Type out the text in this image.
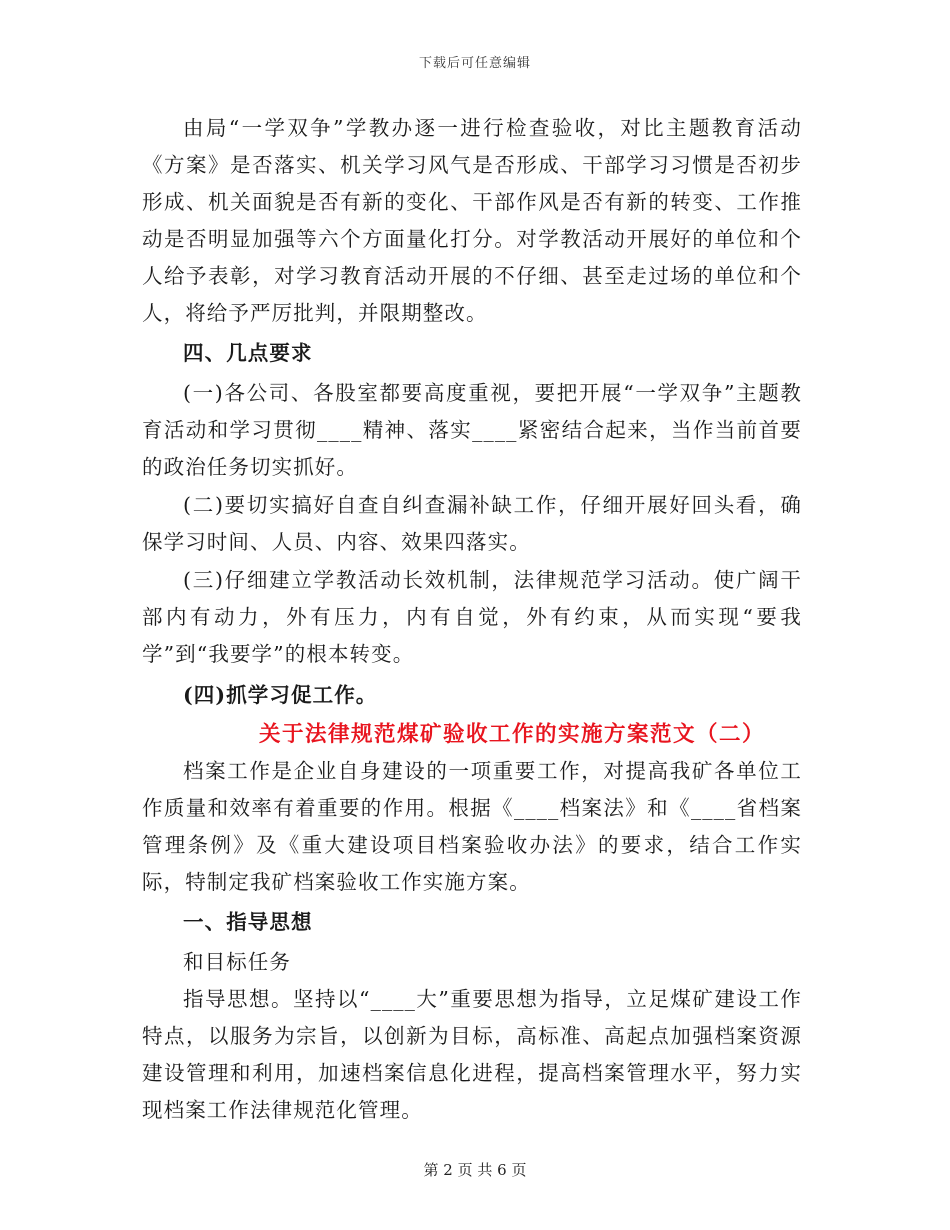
下载后可任意编辑

由局“一学双争”学教办逐一进行检查验收，对比主题教育活动《方案》是否落实、机关学习风气是否形成、干部学习习惯是否初步形成、机关面貌是否有新的变化、干部作风是否有新的转变、工作推动是否明显加强等六个方面量化打分。对学教活动开展好的单位和个人给予表彰，对学习教育活动开展的不仔细、甚至走过场的单位和个人，将给予严厉批判，并限期整改。

四、几点要求

(一)各公司、各股室都要高度重视，要把开展“一学双争”主题教育活动和学习贯彻____精神、落实____紧密结合起来，当作当前首要的政治任务切实抓好。

(二)要切实搞好自查自纠查漏补缺工作，仔细开展好回头看，确保学习时间、人员、内容、效果四落实。

(三)仔细建立学教活动长效机制，法律规范学习活动。使广阔干部内有动力，外有压力，内有自觉，外有约束，从而实现“要我学”到“我要学”的根本转变。

(四)抓学习促工作。

关于法律规范煤矿验收工作的实施方案范文（二）

档案工作是企业自身建设的一项重要工作，对提高我矿各单位工作质量和效率有着重要的作用。根据《____档案法》和《____省档案管理条例》及《重大建设项目档案验收办法》的要求，结合工作实际，特制定我矿档案验收工作实施方案。

一、指导思想

和目标任务

指导思想。坚持以“____大”重要思想为指导，立足煤矿建设工作特点，以服务为宗旨，以创新为目标，高标准、高起点加强档案资源建设管理和利用，加速档案信息化进程，提高档案管理水平，努力实现档案工作法律规范化管理。

第 2 页 共 6 页
